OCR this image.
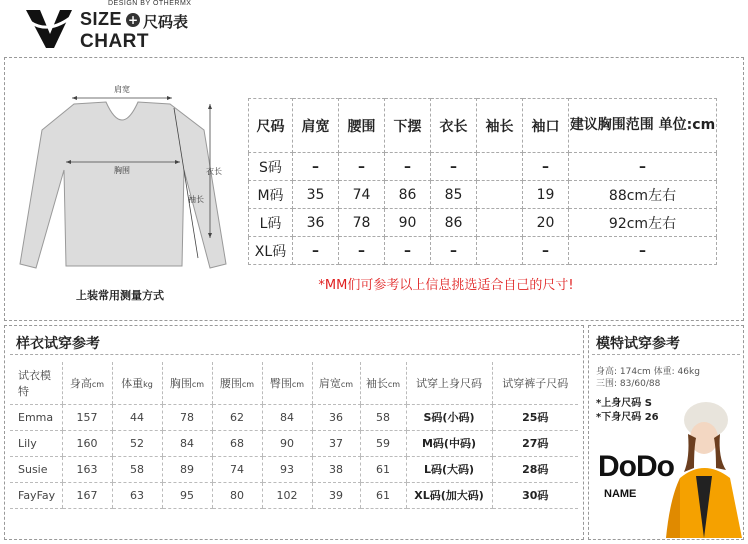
DESIGN BY OTHERMX
SIZE + 尺码表
CHART
肩宽
胸围	衣长
袖长
上装常用测量方式
尺码	肩宽	腰围	下摆	衣长	袖长	袖口	建议胸围范围 单位:cm
S码	–	–	–	–		–	–
M码	35	74	86	85		19	88cm左右
L码	36	78	90	86		20	92cm左右
XL码	–	–	–	–		–	–
*MM们可参考以上信息挑选适合自己的尺寸!
样衣试穿参考
试衣模特	身高cm	体重kg	胸围cm	腰围cm	臀围cm	肩宽cm	袖长cm	试穿上身尺码	试穿裤子尺码
Emma	157	44	78	62	84	36	58	S码(小码)	25码
Lily	160	52	84	68	90	37	59	M码(中码)	27码
Susie	163	58	89	74	93	38	61	L码(大码)	28码
FayFay	167	63	95	80	102	39	61	XL码(加大码)	30码
模特试穿参考
身高: 174cm 体重: 46kg
三围: 83/60/88
*上身尺码 S
*下身尺码 26
DoDo
NAME
